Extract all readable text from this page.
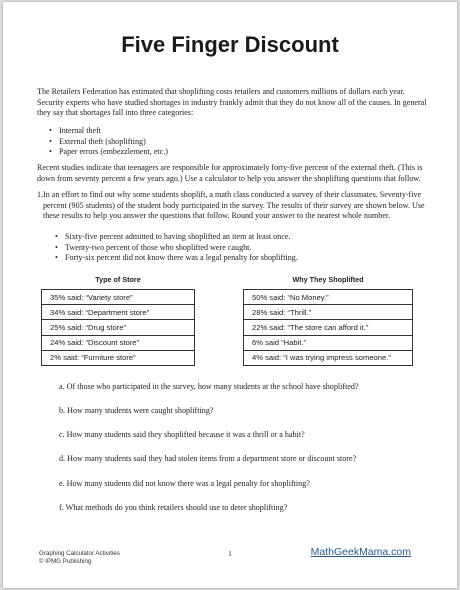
Five Finger Discount

The Retailers Federation has estimated that shoplifting costs retailers and customers millions of dollars each year. Security experts who have studied shortages in industry frankly admit that they do not know all of the causes. In general they say that shortages fall into three categories:

• Internal theft
• External theft (shoplifting)
• Paper errors (embezzlement, etc.)

Recent studies indicate that teenagers are responsible for approximately forty-five percent of the external theft. (This is down from seventy percent a few years ago.) Use a calculator to help you answer the shoplifting questions that follow.

1. In an effort to find out why some students shoplift, a math class conducted a survey of their classmates. Seventy-five percent (905 students) of the student body participated in the survey. The results of their survey are shown below. Use these results to help you answer the questions that follow. Round your answer to the nearest whole number.
• Sixty-five percent admitted to having shoplifted an item at least once.
• Twenty-two percent of those who shoplifted were caught.
• Forty-six percent did not know there was a legal penalty for shoplifting.
Type of Store
35% said: “Variety store”
34% said: “Department store”
25% said: “Drug store”
24% said: “Discount store”
2% said: “Furniture store”
Why They Shoplifted
50% said: “No Money.”
28% said: “Thrill.”
22% said: “The store can afford it.”
6% said “Habit.”
4% said: “I was trying impress someone.”

a. Of those who participated in the survey, how many students at the school have shoplifted?

b. How many students were caught shoplifting?

c. How many students said they shoplifted because it was a thrill or a habit?

d. How many students said they had stolen items from a department store or discount store?

e. How many students did not know there was a legal penalty for shoplifting?

f. What methods do you think retailers should use to deter shoplifting?

Graphing Calculator Activities
© IPMG Publishing
1	MathGeekMama.com
